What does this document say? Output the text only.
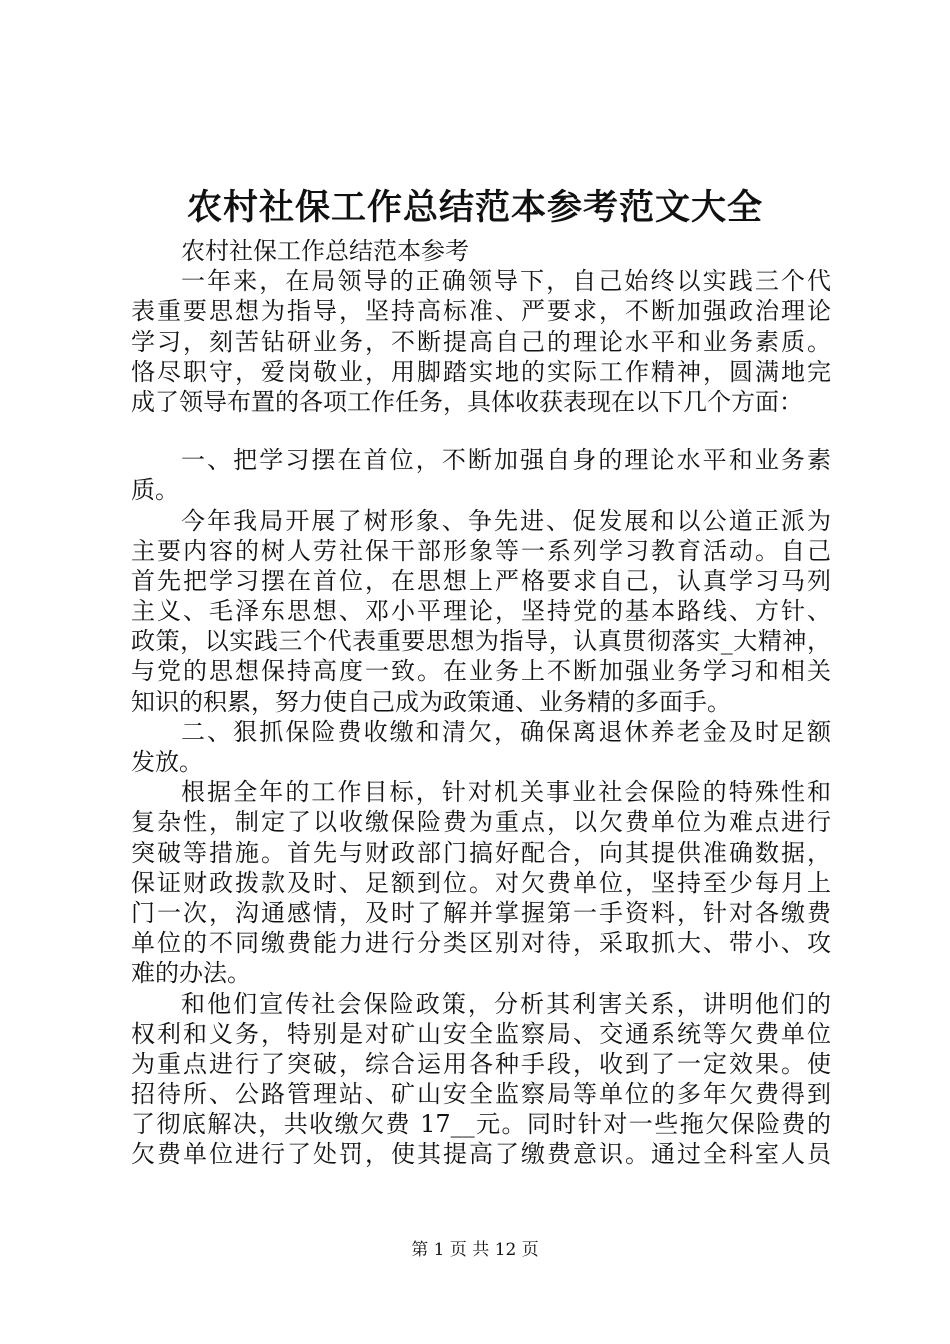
农村社保工作总结范本参考范文大全
农村社保工作总结范本参考
一年来，在局领导的正确领导下，自己始终以实践三个代
表重要思想为指导，坚持高标准、严要求，不断加强政治理论
学习，刻苦钻研业务，不断提高自己的理论水平和业务素质。
恪尽职守，爱岗敬业，用脚踏实地的实际工作精神，圆满地完
成了领导布置的各项工作任务，具体收获表现在以下几个方面：
一、把学习摆在首位，不断加强自身的理论水平和业务素
质。
今年我局开展了树形象、争先进、促发展和以公道正派为
主要内容的树人劳社保干部形象等一系列学习教育活动。自己
首先把学习摆在首位，在思想上严格要求自己，认真学习马列
主义、毛泽东思想、邓小平理论，坚持党的基本路线、方针、
政策，以实践三个代表重要思想为指导，认真贯彻落实_大精神，
与党的思想保持高度一致。在业务上不断加强业务学习和相关
知识的积累，努力使自己成为政策通、业务精的多面手。
二、狠抓保险费收缴和清欠，确保离退休养老金及时足额
发放。
根据全年的工作目标，针对机关事业社会保险的特殊性和
复杂性，制定了以收缴保险费为重点，以欠费单位为难点进行
突破等措施。首先与财政部门搞好配合，向其提供准确数据，
保证财政拨款及时、足额到位。对欠费单位，坚持至少每月上
门一次，沟通感情，及时了解并掌握第一手资料，针对各缴费
单位的不同缴费能力进行分类区别对待，采取抓大、带小、攻
难的办法。
和他们宣传社会保险政策，分析其利害关系，讲明他们的
权利和义务，特别是对矿山安全监察局、交通系统等欠费单位
为重点进行了突破，综合运用各种手段，收到了一定效果。使
招待所、公路管理站、矿山安全监察局等单位的多年欠费得到
了彻底解决，共收缴欠费 17__元。同时针对一些拖欠保险费的
欠费单位进行了处罚，使其提高了缴费意识。通过全科室人员
第 1 页 共 12 页
